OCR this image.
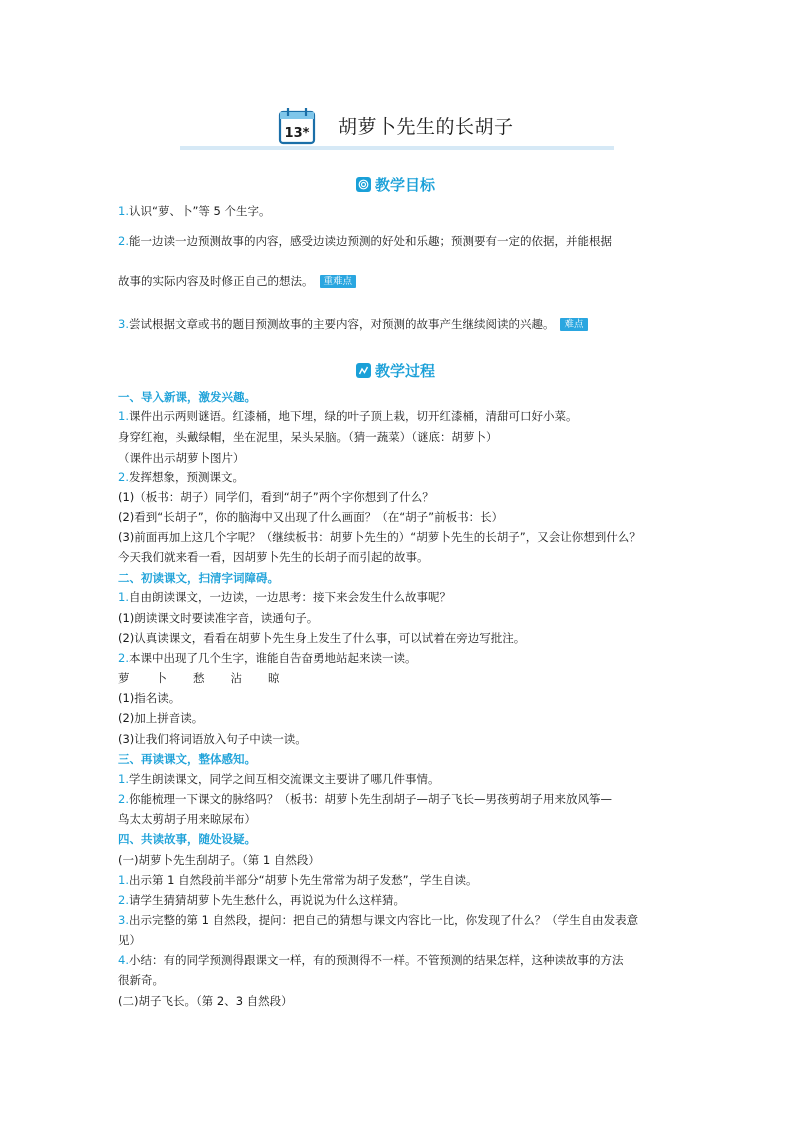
13* 胡萝卜先生的长胡子
教学目标
1.认识“萝、卜”等 5 个生字。
2.能一边读一边预测故事的内容，感受边读边预测的好处和乐趣；预测要有一定的依据，并能根据
故事的实际内容及时修正自己的想法。 重难点
3.尝试根据文章或书的题目预测故事的主要内容，对预测的故事产生继续阅读的兴趣。 难点
教学过程
一、导入新课，激发兴趣。
1.课件出示两则谜语。红漆桶，地下埋，绿的叶子顶上栽，切开红漆桶，清甜可口好小菜。
身穿红袍，头戴绿帽，坐在泥里，呆头呆脑。（猜一蔬菜）（谜底：胡萝卜）
（课件出示胡萝卜图片）
2.发挥想象，预测课文。
(1)（板书：胡子）同学们，看到“胡子”两个字你想到了什么？
(2)看到“长胡子”，你的脑海中又出现了什么画面？（在“胡子”前板书：长）
(3)前面再加上这几个字呢？（继续板书：胡萝卜先生的）“胡萝卜先生的长胡子”，又会让你想到什么？
今天我们就来看一看，因胡萝卜先生的长胡子而引起的故事。
二、初读课文，扫清字词障碍。
1.自由朗读课文，一边读，一边思考：接下来会发生什么故事呢？
(1)朗读课文时要读准字音，读通句子。
(2)认真读课文，看看在胡萝卜先生身上发生了什么事，可以试着在旁边写批注。
2.本课中出现了几个生字，谁能自告奋勇地站起来读一读。
萝 卜 愁 沾 晾
(1)指名读。
(2)加上拼音读。
(3)让我们将词语放入句子中读一读。
三、再读课文，整体感知。
1.学生朗读课文，同学之间互相交流课文主要讲了哪几件事情。
2.你能梳理一下课文的脉络吗？（板书：胡萝卜先生刮胡子—胡子飞长—男孩剪胡子用来放风筝—
鸟太太剪胡子用来晾尿布）
四、共读故事，随处设疑。
(一)胡萝卜先生刮胡子。（第 1 自然段）
1.出示第 1 自然段前半部分“胡萝卜先生常常为胡子发愁”，学生自读。
2.请学生猜猜胡萝卜先生愁什么，再说说为什么这样猜。
3.出示完整的第 1 自然段，提问：把自己的猜想与课文内容比一比，你发现了什么？（学生自由发表意
见）
4.小结：有的同学预测得跟课文一样，有的预测得不一样。不管预测的结果怎样，这种读故事的方法
很新奇。
(二)胡子飞长。（第 2、3 自然段）
